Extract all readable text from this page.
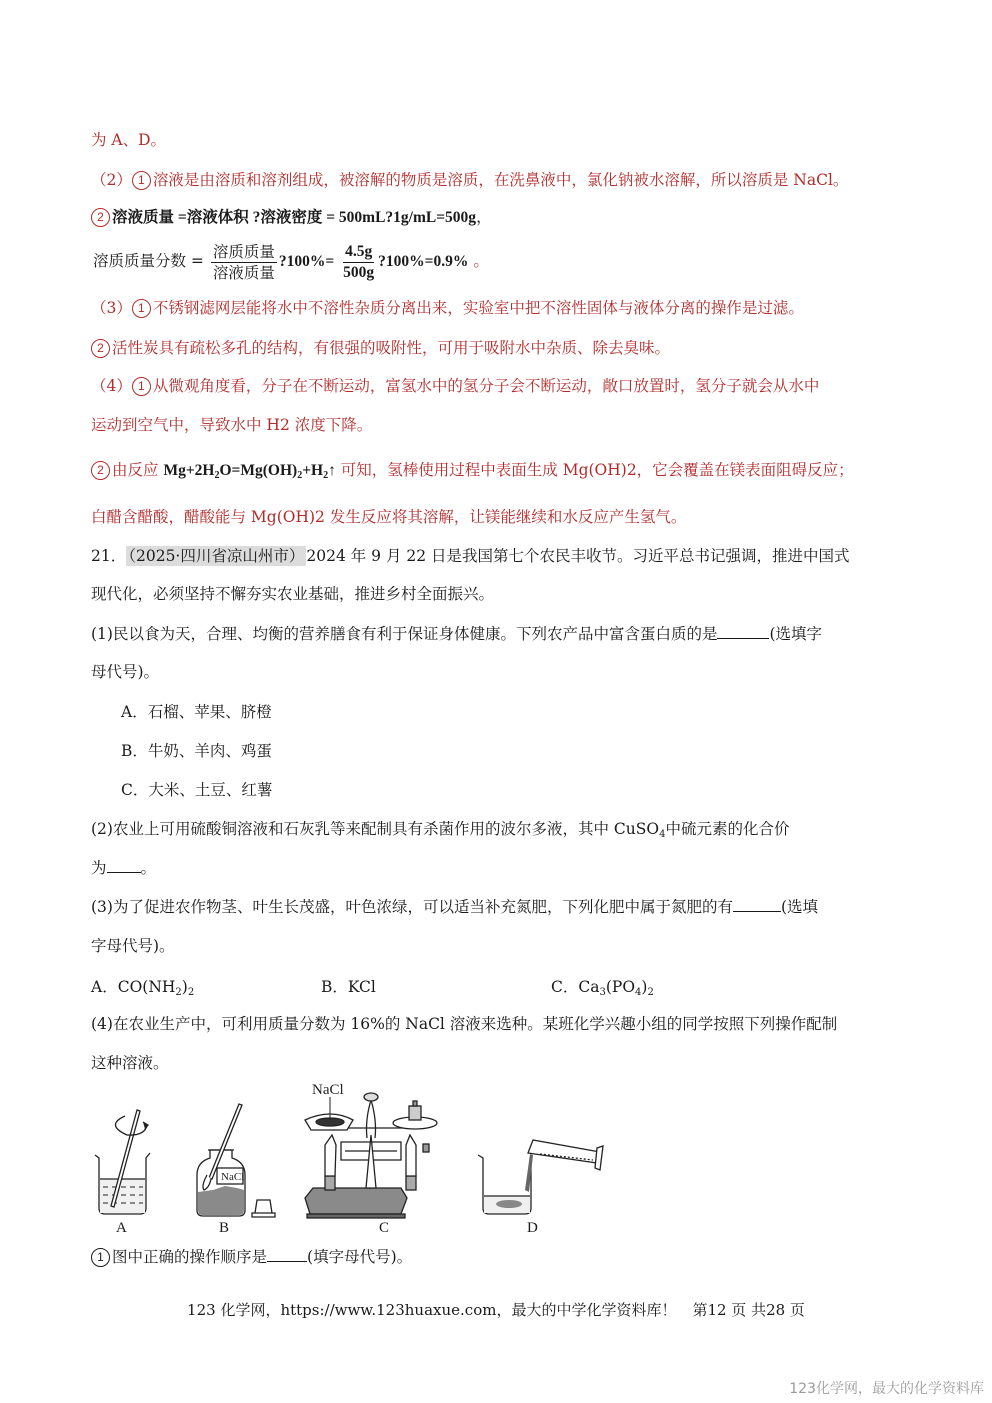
为 A、D。
（2） 1 溶液是由溶质和溶剂组成，被溶解的物质是溶质，在洗鼻液中，氯化钠被水溶解，所以溶质是 NaCl。
2 溶液质量 =溶液体积 ?溶液密度 = 500mL?1g/mL=500g，
溶质质量分数 = $\frac{\text{溶质质量}}{\text{溶液质量}}$ ?100%= $\frac{4.5g}{500g}$ ?100%=0.9% 。
（3） 1 不锈钢滤网层能将水中不溶性杂质分离出来，实验室中把不溶性固体与液体分离的操作是过滤。
2 活性炭具有疏松多孔的结构，有很强的吸附性，可用于吸附水中杂质、除去臭味。
（4） 1 从微观角度看，分子在不断运动，富氢水中的氢分子会不断运动，敞口放置时，氢分子就会从水中
运动到空气中，导致水中 H2 浓度下降。
2 由反应 $Mg+2H_2O=Mg(OH)_2+H_2↑$ 可知，氢棒使用过程中表面生成 Mg(OH)2，它会覆盖在镁表面阻碍反应；
白醋含醋酸，醋酸能与 Mg(OH)2 发生反应将其溶解，让镁能继续和水反应产生氢气。
21． （2025·四川省凉山州市） 2024 年 9 月 22 日是我国第七个农民丰收节。习近平总书记强调，推进中国式
现代化，必须坚持不懈夯实农业基础，推进乡村全面振兴。
(1)民以食为天，合理、均衡的营养膳食有利于保证身体健康。下列农产品中富含蛋白质的是	(选填字
母代号)。
A．石榴、苹果、脐橙
B．牛奶、羊肉、鸡蛋
C．大米、土豆、红薯
(2)农业上可用硫酸铜溶液和石灰乳等来配制具有杀菌作用的波尔多液，其中 CuSO$_4$中硫元素的化合价
为 。
(3)为了促进农作物茎、叶生长茂盛，叶色浓绿，可以适当补充氮肥，下列化肥中属于氮肥的有	(选填
字母代号)。
A．$CO(NH_2)_2$	B．KCl	C．$Ca_3(PO_4)_2$
(4)在农业生产中，可利用质量分数为 16%的 NaCl 溶液来选种。某班化学兴趣小组的同学按照下列操作配制
这种溶液。
NaCl
NaCl
A	B	C	D
1 图中正确的操作顺序是	(填字母代号)。
123 化学网，https://www.123huaxue.com，最大的中学化学资料库！ 第12 页 共28 页
123化学网，最大的化学资料库
